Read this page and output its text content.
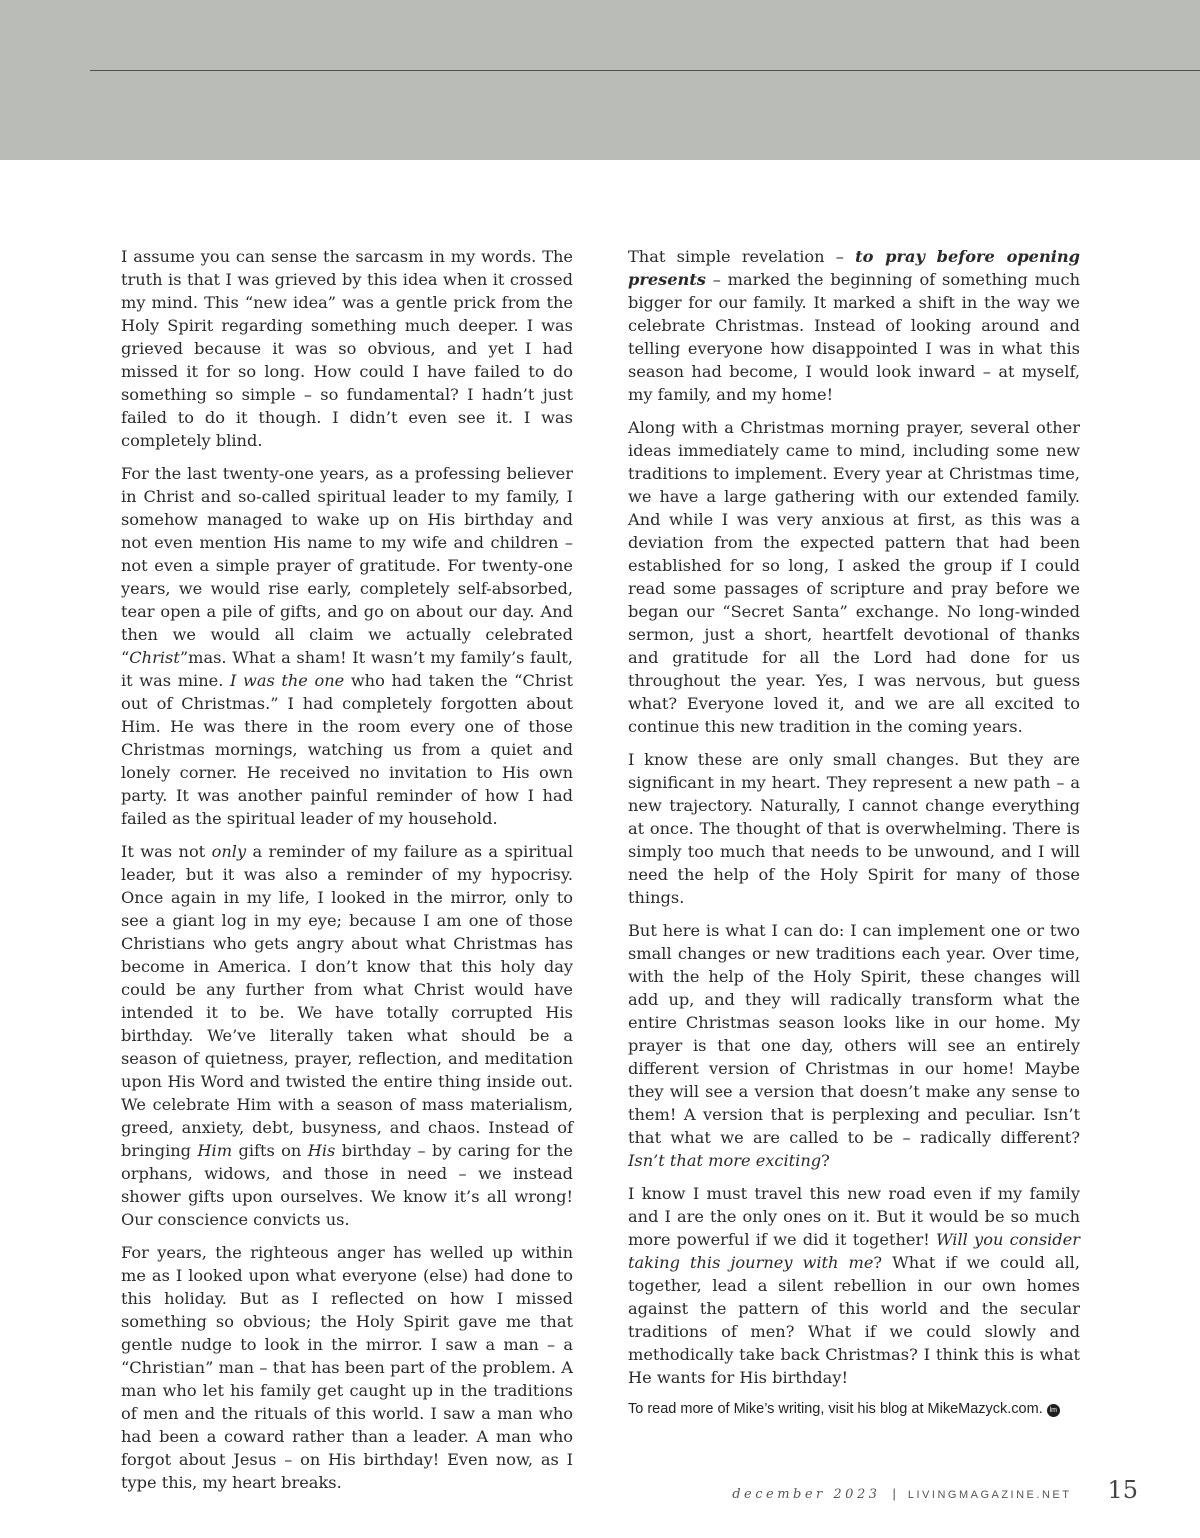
I assume you can sense the sarcasm in my words. The truth is that I was grieved by this idea when it crossed my mind. This “new idea” was a gentle prick from the Holy Spirit regarding something much deeper. I was grieved because it was so obvious, and yet I had missed it for so long. How could I have failed to do something so simple – so fundamental? I hadn’t just failed to do it though. I didn’t even see it. I was completely blind.

For the last twenty-one years, as a professing believer in Christ and so-called spiritual leader to my family, I somehow managed to wake up on His birthday and not even mention His name to my wife and children – not even a simple prayer of gratitude. For twenty-one years, we would rise early, completely self-absorbed, tear open a pile of gifts, and go on about our day. And then we would all claim we actually celebrated “Christ”mas. What a sham! It wasn’t my family’s fault, it was mine. I was the one who had taken the “Christ out of Christmas.” I had completely forgotten about Him. He was there in the room every one of those Christmas mornings, watching us from a quiet and lonely corner. He received no invitation to His own party. It was another painful reminder of how I had failed as the spiritual leader of my household.

It was not only a reminder of my failure as a spiritual leader, but it was also a reminder of my hypocrisy. Once again in my life, I looked in the mirror, only to see a giant log in my eye; because I am one of those Christians who gets angry about what Christmas has become in America. I don’t know that this holy day could be any further from what Christ would have intended it to be. We have totally corrupted His birthday. We’ve literally taken what should be a season of quietness, prayer, reflection, and meditation upon His Word and twisted the entire thing inside out. We celebrate Him with a season of mass materialism, greed, anxiety, debt, busyness, and chaos. Instead of bringing Him gifts on His birthday – by caring for the orphans, widows, and those in need – we instead shower gifts upon ourselves. We know it’s all wrong! Our conscience convicts us.

For years, the righteous anger has welled up within me as I looked upon what everyone (else) had done to this holiday. But as I reflected on how I missed something so obvious; the Holy Spirit gave me that gentle nudge to look in the mirror. I saw a man – a “Christian” man – that has been part of the problem. A man who let his family get caught up in the traditions of men and the rituals of this world. I saw a man who had been a coward rather than a leader. A man who forgot about Jesus – on His birthday! Even now, as I type this, my heart breaks.

That simple revelation – to pray before opening presents – marked the beginning of something much bigger for our family. It marked a shift in the way we celebrate Christmas. Instead of looking around and telling everyone how disappointed I was in what this season had become, I would look inward – at myself, my family, and my home!

Along with a Christmas morning prayer, several other ideas immediately came to mind, including some new traditions to implement. Every year at Christmas time, we have a large gathering with our extended family. And while I was very anxious at first, as this was a deviation from the expected pattern that had been established for so long, I asked the group if I could read some passages of scripture and pray before we began our “Secret Santa” exchange. No long-winded sermon, just a short, heartfelt devotional of thanks and gratitude for all the Lord had done for us throughout the year. Yes, I was nervous, but guess what? Everyone loved it, and we are all excited to continue this new tradition in the coming years.

I know these are only small changes. But they are significant in my heart. They represent a new path – a new trajectory. Naturally, I cannot change everything at once. The thought of that is overwhelming. There is simply too much that needs to be unwound, and I will need the help of the Holy Spirit for many of those things.

But here is what I can do: I can implement one or two small changes or new traditions each year. Over time, with the help of the Holy Spirit, these changes will add up, and they will radically transform what the entire Christmas season looks like in our home. My prayer is that one day, others will see an entirely different version of Christmas in our home! Maybe they will see a version that doesn’t make any sense to them! A version that is perplexing and peculiar. Isn’t that what we are called to be – radically different? Isn’t that more exciting?

I know I must travel this new road even if my family and I are the only ones on it. But it would be so much more powerful if we did it together! Will you consider taking this journey with me? What if we could all, together, lead a silent rebellion in our own homes against the pattern of this world and the secular traditions of men? What if we could slowly and methodically take back Christmas? I think this is what He wants for His birthday!

To read more of Mike’s writing, visit his blog at MikeMazyck.com. lm
december 2023 | LIVINGMAGAZINE.NET 15
